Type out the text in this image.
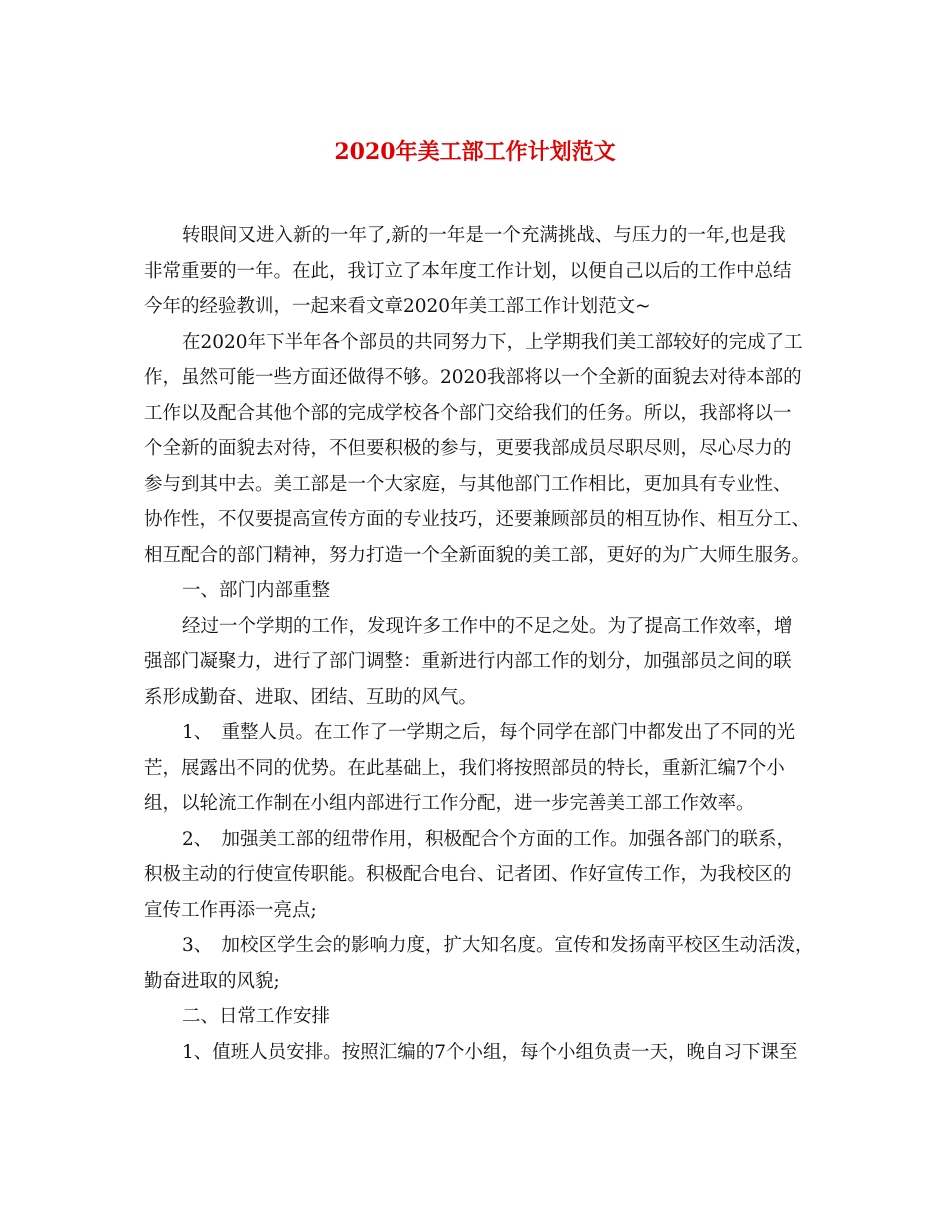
2020年美工部工作计划范文
转眼间又进入新的一年了,新的一年是一个充满挑战、与压力的一年,也是我
非常重要的一年。在此，我订立了本年度工作计划，以便自己以后的工作中总结
今年的经验教训，一起来看文章2020年美工部工作计划范文~
在2020年下半年各个部员的共同努力下，上学期我们美工部较好的完成了工
作，虽然可能一些方面还做得不够。2020我部将以一个全新的面貌去对待本部的
工作以及配合其他个部的完成学校各个部门交给我们的任务。所以，我部将以一
个全新的面貌去对待，不但要积极的参与，更要我部成员尽职尽则，尽心尽力的
参与到其中去。美工部是一个大家庭，与其他部门工作相比，更加具有专业性、
协作性，不仅要提高宣传方面的专业技巧，还要兼顾部员的相互协作、相互分工、
相互配合的部门精神，努力打造一个全新面貌的美工部，更好的为广大师生服务。
一、部门内部重整
经过一个学期的工作，发现许多工作中的不足之处。为了提高工作效率，增
强部门凝聚力，进行了部门调整：重新进行内部工作的划分，加强部员之间的联
系形成勤奋、进取、团结、互助的风气。
1、　重整人员。在工作了一学期之后，每个同学在部门中都发出了不同的光
芒，展露出不同的优势。在此基础上，我们将按照部员的特长，重新汇编7个小
组，以轮流工作制在小组内部进行工作分配，进一步完善美工部工作效率。
2、　加强美工部的纽带作用，积极配合个方面的工作。加强各部门的联系，
积极主动的行使宣传职能。积极配合电台、记者团、作好宣传工作，为我校区的
宣传工作再添一亮点;
3、　加校区学生会的影响力度，扩大知名度。宣传和发扬南平校区生动活泼，
勤奋进取的风貌;
二、日常工作安排
1、值班人员安排。按照汇编的7个小组，每个小组负责一天，晚自习下课至
